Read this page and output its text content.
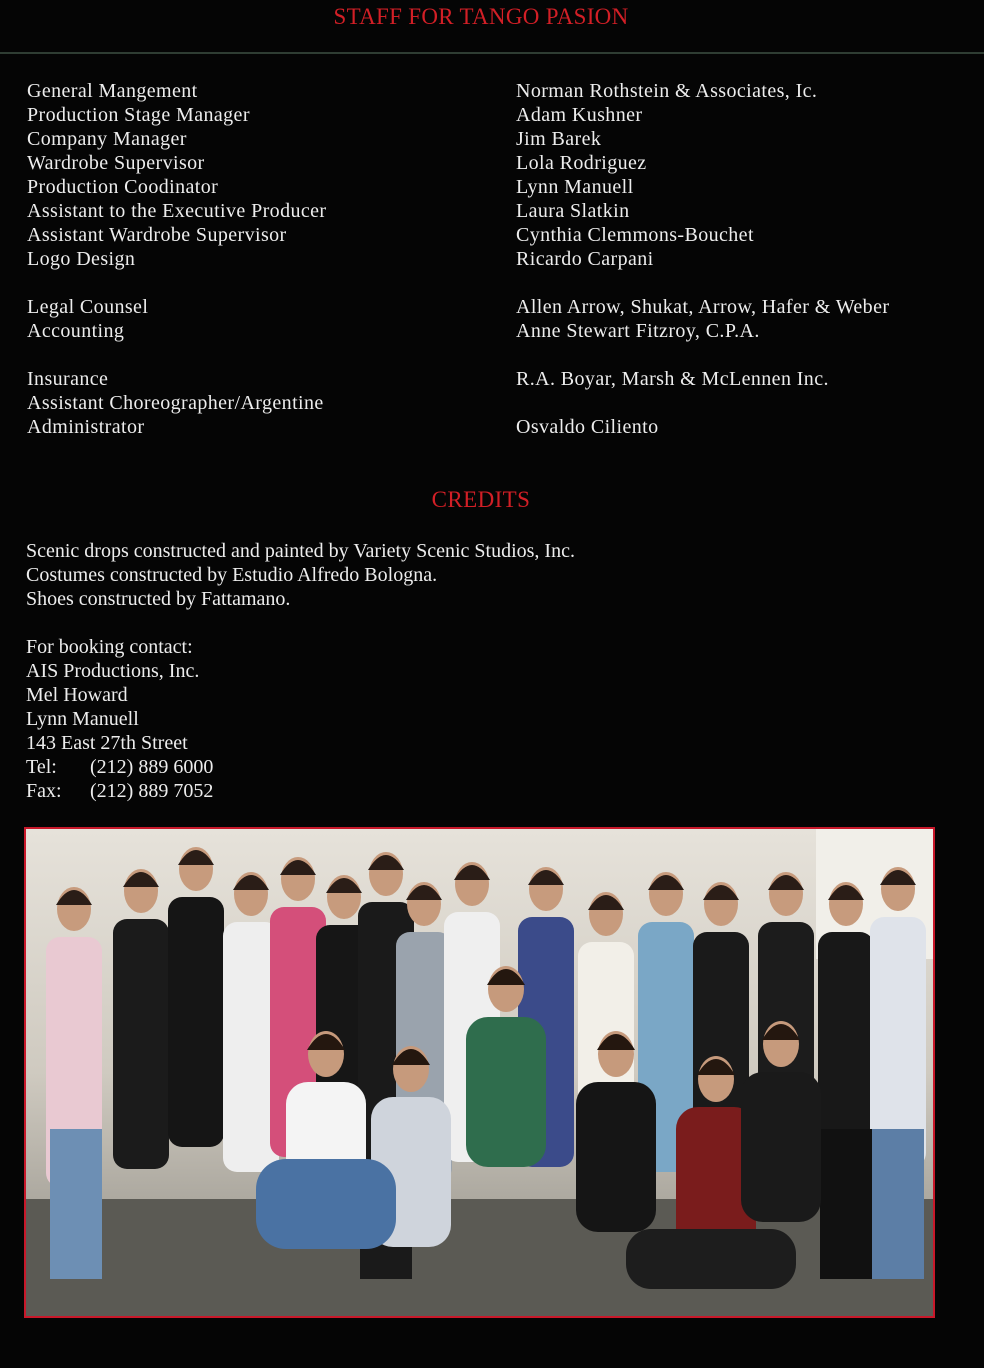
STAFF FOR TANGO PASION
General Mangement
Production Stage Manager
Company Manager
Wardrobe Supervisor
Production Coodinator
Assistant to the Executive Producer
Assistant Wardrobe Supervisor
Logo Design
Legal Counsel
Accounting
Insurance
Assistant Choreographer/Argentine
Administrator
Norman Rothstein & Associates, Ic.
Adam Kushner
Jim Barek
Lola Rodriguez
Lynn Manuell
Laura Slatkin
Cynthia Clemmons-Bouchet
Ricardo Carpani
Allen Arrow, Shukat, Arrow, Hafer & Weber
Anne Stewart Fitzroy, C.P.A.
R.A. Boyar, Marsh & McLennen Inc.
Osvaldo Ciliento
CREDITS
Scenic drops constructed and painted by Variety Scenic Studios, Inc.
Costumes constructed by Estudio Alfredo Bologna.
Shoes constructed by Fattamano.
For booking contact:
AIS Productions, Inc.
Mel Howard
Lynn Manuell
143 East 27th Street
Tel: (212) 889 6000
Fax: (212) 889 7052
